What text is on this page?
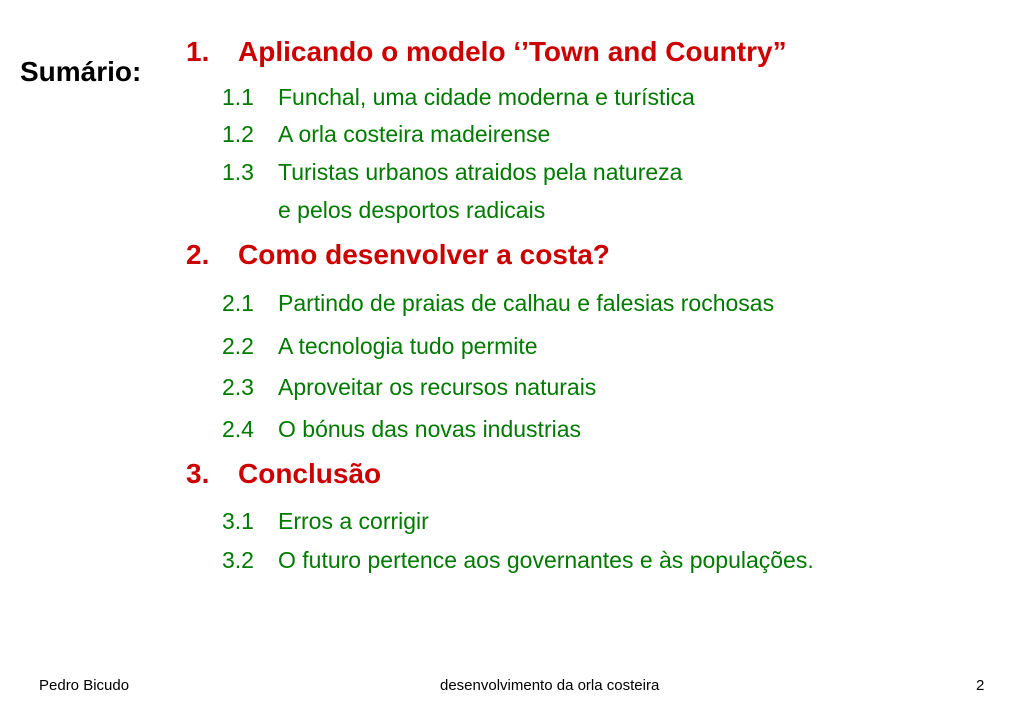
Sumário:
1. Aplicando o modelo ‘’Town and Country”
1.1 Funchal, uma cidade moderna e turística
1.2 A orla costeira madeirense
1.3 Turistas urbanos atraidos pela natureza
e pelos desportos radicais
2. Como desenvolver a costa?
2.1 Partindo de praias de calhau e falesias rochosas
2.2 A tecnologia tudo permite
2.3 Aproveitar os recursos naturais
2.4 O bónus das novas industrias
3. Conclusão
3.1 Erros a corrigir
3.2 O futuro pertence aos governantes e às populações.
Pedro Bicudo	desenvolvimento da orla costeira	2
